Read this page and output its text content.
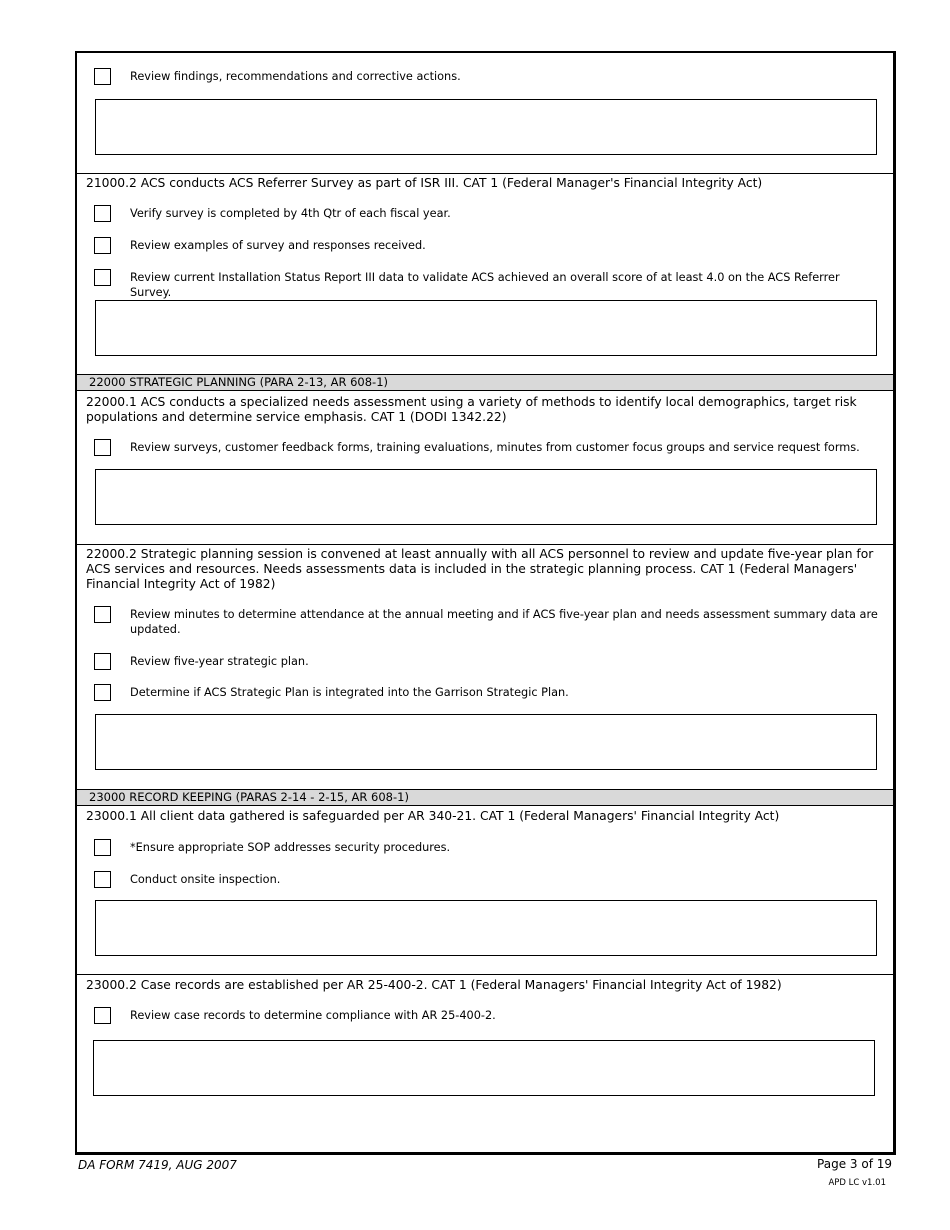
Review findings, recommendations and corrective actions.
21000.2 ACS conducts ACS Referrer Survey as part of ISR III. CAT 1 (Federal Manager's Financial Integrity Act)
Verify survey is completed by 4th Qtr of each fiscal year.
Review examples of survey and responses received.
Review current Installation Status Report III data to validate ACS achieved an overall score of at least 4.0 on the ACS Referrer Survey.
22000 STRATEGIC PLANNING (PARA 2-13, AR 608-1)
22000.1 ACS conducts a specialized needs assessment using a variety of methods to identify local demographics, target risk populations and determine service emphasis. CAT 1 (DODI 1342.22)
Review surveys, customer feedback forms, training evaluations, minutes from customer focus groups and service request forms.
22000.2 Strategic planning session is convened at least annually with all ACS personnel to review and update five-year plan for ACS services and resources. Needs assessments data is included in the strategic planning process. CAT 1 (Federal Managers' Financial Integrity Act of 1982)
Review minutes to determine attendance at the annual meeting and if ACS five-year plan and needs assessment summary data are updated.
Review five-year strategic plan.
Determine if ACS Strategic Plan is integrated into the Garrison Strategic Plan.
23000 RECORD KEEPING (PARAS 2-14 - 2-15, AR 608-1)
23000.1 All client data gathered is safeguarded per AR 340-21. CAT 1 (Federal Managers' Financial Integrity Act)
*Ensure appropriate SOP addresses security procedures.
Conduct onsite inspection.
23000.2 Case records are established per AR 25-400-2. CAT 1 (Federal Managers' Financial Integrity Act of 1982)
Review case records to determine compliance with AR 25-400-2.
DA FORM 7419, AUG 2007	Page 3 of 19
APD LC v1.01
